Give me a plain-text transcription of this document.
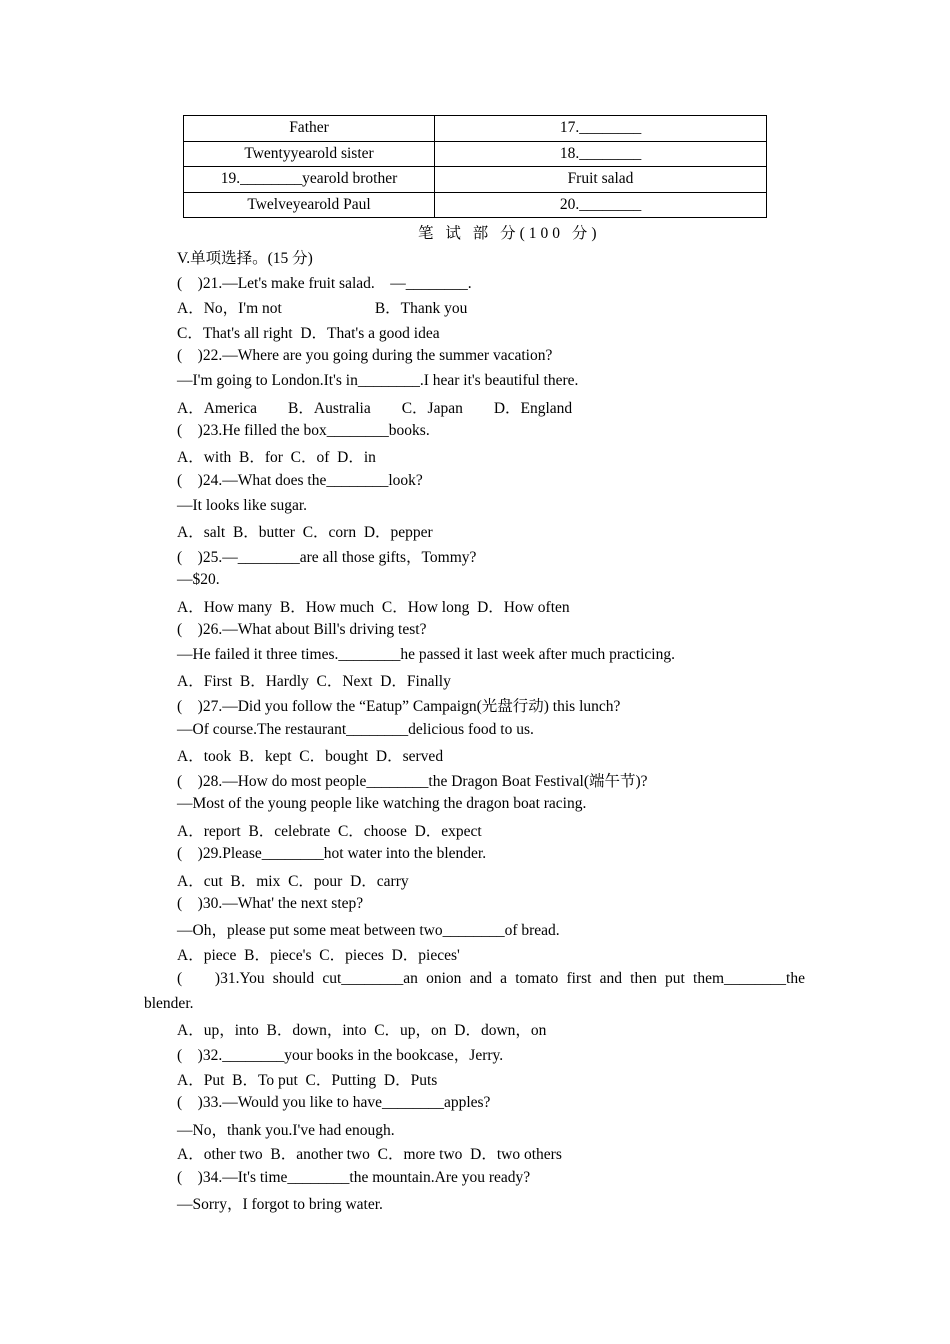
Father	17.________
Twentyyearold sister	18.________
19.________yearold brother	Fruit salad
Twelveyearold Paul	20.________
笔 试 部 分(100 分)
V.单项选择。(15 分)
(    )21.—Let's make fruit salad.    —________.
A．No，I'm not                        B．Thank you
C．That's all right  D．That's a good idea
(    )22.—Where are you going during the summer vacation?
—I'm going to London.It's in________.I hear it's beautiful there.
A．America        B．Australia        C．Japan        D．England
(    )23.He filled the box________books.
A．with  B．for  C．of  D．in
(    )24.—What does the________look?
—It looks like sugar.
A．salt  B．butter  C．corn  D．pepper
(    )25.—________are all those gifts，Tommy?
—$20.
A．How many  B．How much  C．How long  D．How often
(    )26.—What about Bill's driving test?
—He failed it three times.________he passed it last week after much practicing.
A．First  B．Hardly  C．Next  D．Finally
(    )27.—Did you follow the “Eatup” Campaign(光盘行动) this lunch?
—Of course.The restaurant________delicious food to us.
A．took  B．kept  C．bought  D．served
(    )28.—How do most people________the Dragon Boat Festival(端午节)?
—Most of the young people like watching the dragon boat racing.
A．report  B．celebrate  C．choose  D．expect
(    )29.Please________hot water into the blender.
A．cut  B．mix  C．pour  D．carry
(    )30.—What' the next step?
—Oh，please put some meat between two________of bread.
A．piece  B．piece's  C．pieces  D．pieces'
(    )31.You should cut________an onion and a tomato first and then put them________the
blender.
A．up，into  B．down，into  C．up，on  D．down，on
(    )32.________your books in the bookcase，Jerry.
A．Put  B．To put  C．Putting  D．Puts
(    )33.—Would you like to have________apples?
—No，thank you.I've had enough.
A．other two  B．another two  C．more two  D．two others
(    )34.—It's time________the mountain.Are you ready?
—Sorry，I forgot to bring water.
